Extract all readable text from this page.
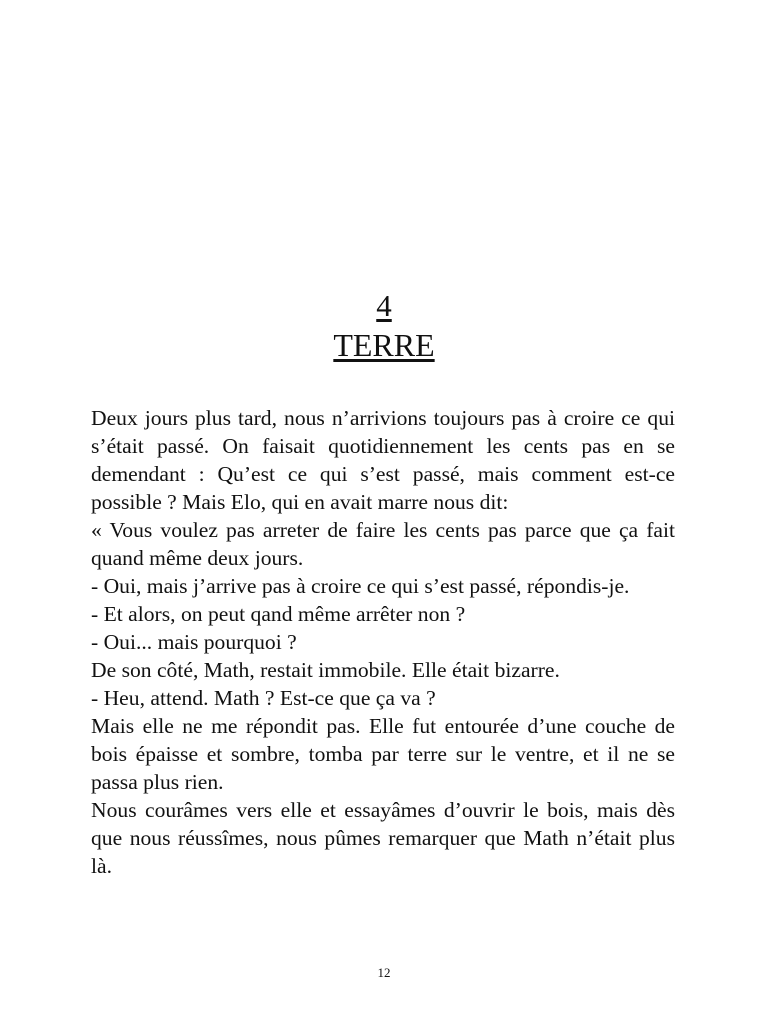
4
TERRE

Deux jours plus tard, nous n’arrivions toujours pas à croire ce qui s’était passé. On faisait quotidiennement les cents pas en se demendant : Qu’est ce qui s’est passé, mais comment est-ce possible ? Mais Elo, qui en avait marre nous dit:

« Vous voulez pas arreter de faire les cents pas parce que ça fait quand même deux jours.

- Oui, mais j’arrive pas à croire ce qui s’est passé, répondis-je.

- Et alors, on peut qand même arrêter non ?

- Oui... mais pourquoi ?

De son côté, Math, restait immobile. Elle était bizarre.

- Heu, attend. Math ? Est-ce que ça va ?

Mais elle ne me répondit pas. Elle fut entourée d’une couche de bois épaisse et sombre, tomba par terre sur le ventre, et il ne se passa plus rien.

Nous courâmes vers elle et essayâmes d’ouvrir le bois, mais dès que nous réussîmes, nous pûmes remarquer que Math n’était plus là.

12
